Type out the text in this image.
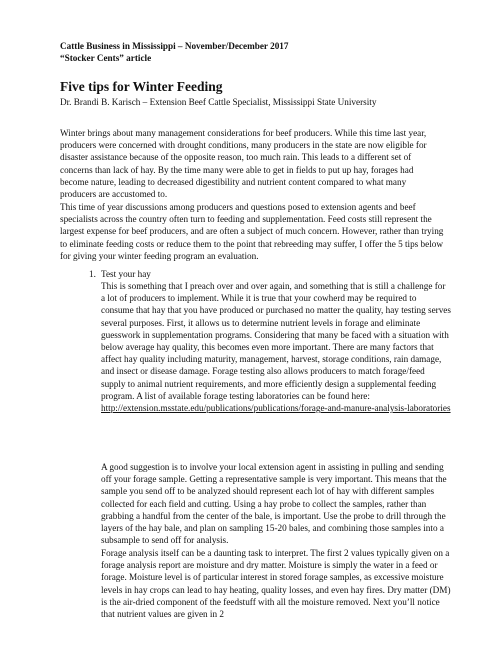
Cattle Business in Mississippi – November/December 2017
“Stocker Cents” article
Five tips for Winter Feeding
Dr. Brandi B. Karisch – Extension Beef Cattle Specialist, Mississippi State University
Winter brings about many management considerations for beef producers. While this time last year, producers were concerned with drought conditions, many producers in the state are now eligible for disaster assistance because of the opposite reason, too much rain. This leads to a different set of concerns than lack of hay. By the time many were able to get in fields to put up hay, forages had become nature, leading to decreased digestibility and nutrient content compared to what many producers are accustomed to.
This time of year discussions among producers and questions posed to extension agents and beef specialists across the country often turn to feeding and supplementation. Feed costs still represent the largest expense for beef producers, and are often a subject of much concern. However, rather than trying to eliminate feeding costs or reduce them to the point that rebreeding may suffer, I offer the 5 tips below for giving your winter feeding program an evaluation.
1. Test your hay
This is something that I preach over and over again, and something that is still a challenge for a lot of producers to implement. While it is true that your cowherd may be required to consume that hay that you have produced or purchased no matter the quality, hay testing serves several purposes. First, it allows us to determine nutrient levels in forage and eliminate guesswork in supplementation programs. Considering that many be faced with a situation with below average hay quality, this becomes even more important. There are many factors that affect hay quality including maturity, management, harvest, storage conditions, rain damage, and insect or disease damage. Forage testing also allows producers to match forage/feed supply to animal nutrient requirements, and more efficiently design a supplemental feeding program. A list of available forage testing laboratories can be found here: http://extension.msstate.edu/publications/publications/forage-and-manure-analysis-laboratories
A good suggestion is to involve your local extension agent in assisting in pulling and sending off your forage sample. Getting a representative sample is very important. This means that the sample you send off to be analyzed should represent each lot of hay with different samples collected for each field and cutting. Using a hay probe to collect the samples, rather than grabbing a handful from the center of the bale, is important. Use the probe to drill through the layers of the hay bale, and plan on sampling 15-20 bales, and combining those samples into a subsample to send off for analysis.
Forage analysis itself can be a daunting task to interpret. The first 2 values typically given on a forage analysis report are moisture and dry matter. Moisture is simply the water in a feed or forage. Moisture level is of particular interest in stored forage samples, as excessive moisture levels in hay crops can lead to hay heating, quality losses, and even hay fires. Dry matter (DM) is the air-dried component of the feedstuff with all the moisture removed. Next you’ll notice that nutrient values are given in 2
